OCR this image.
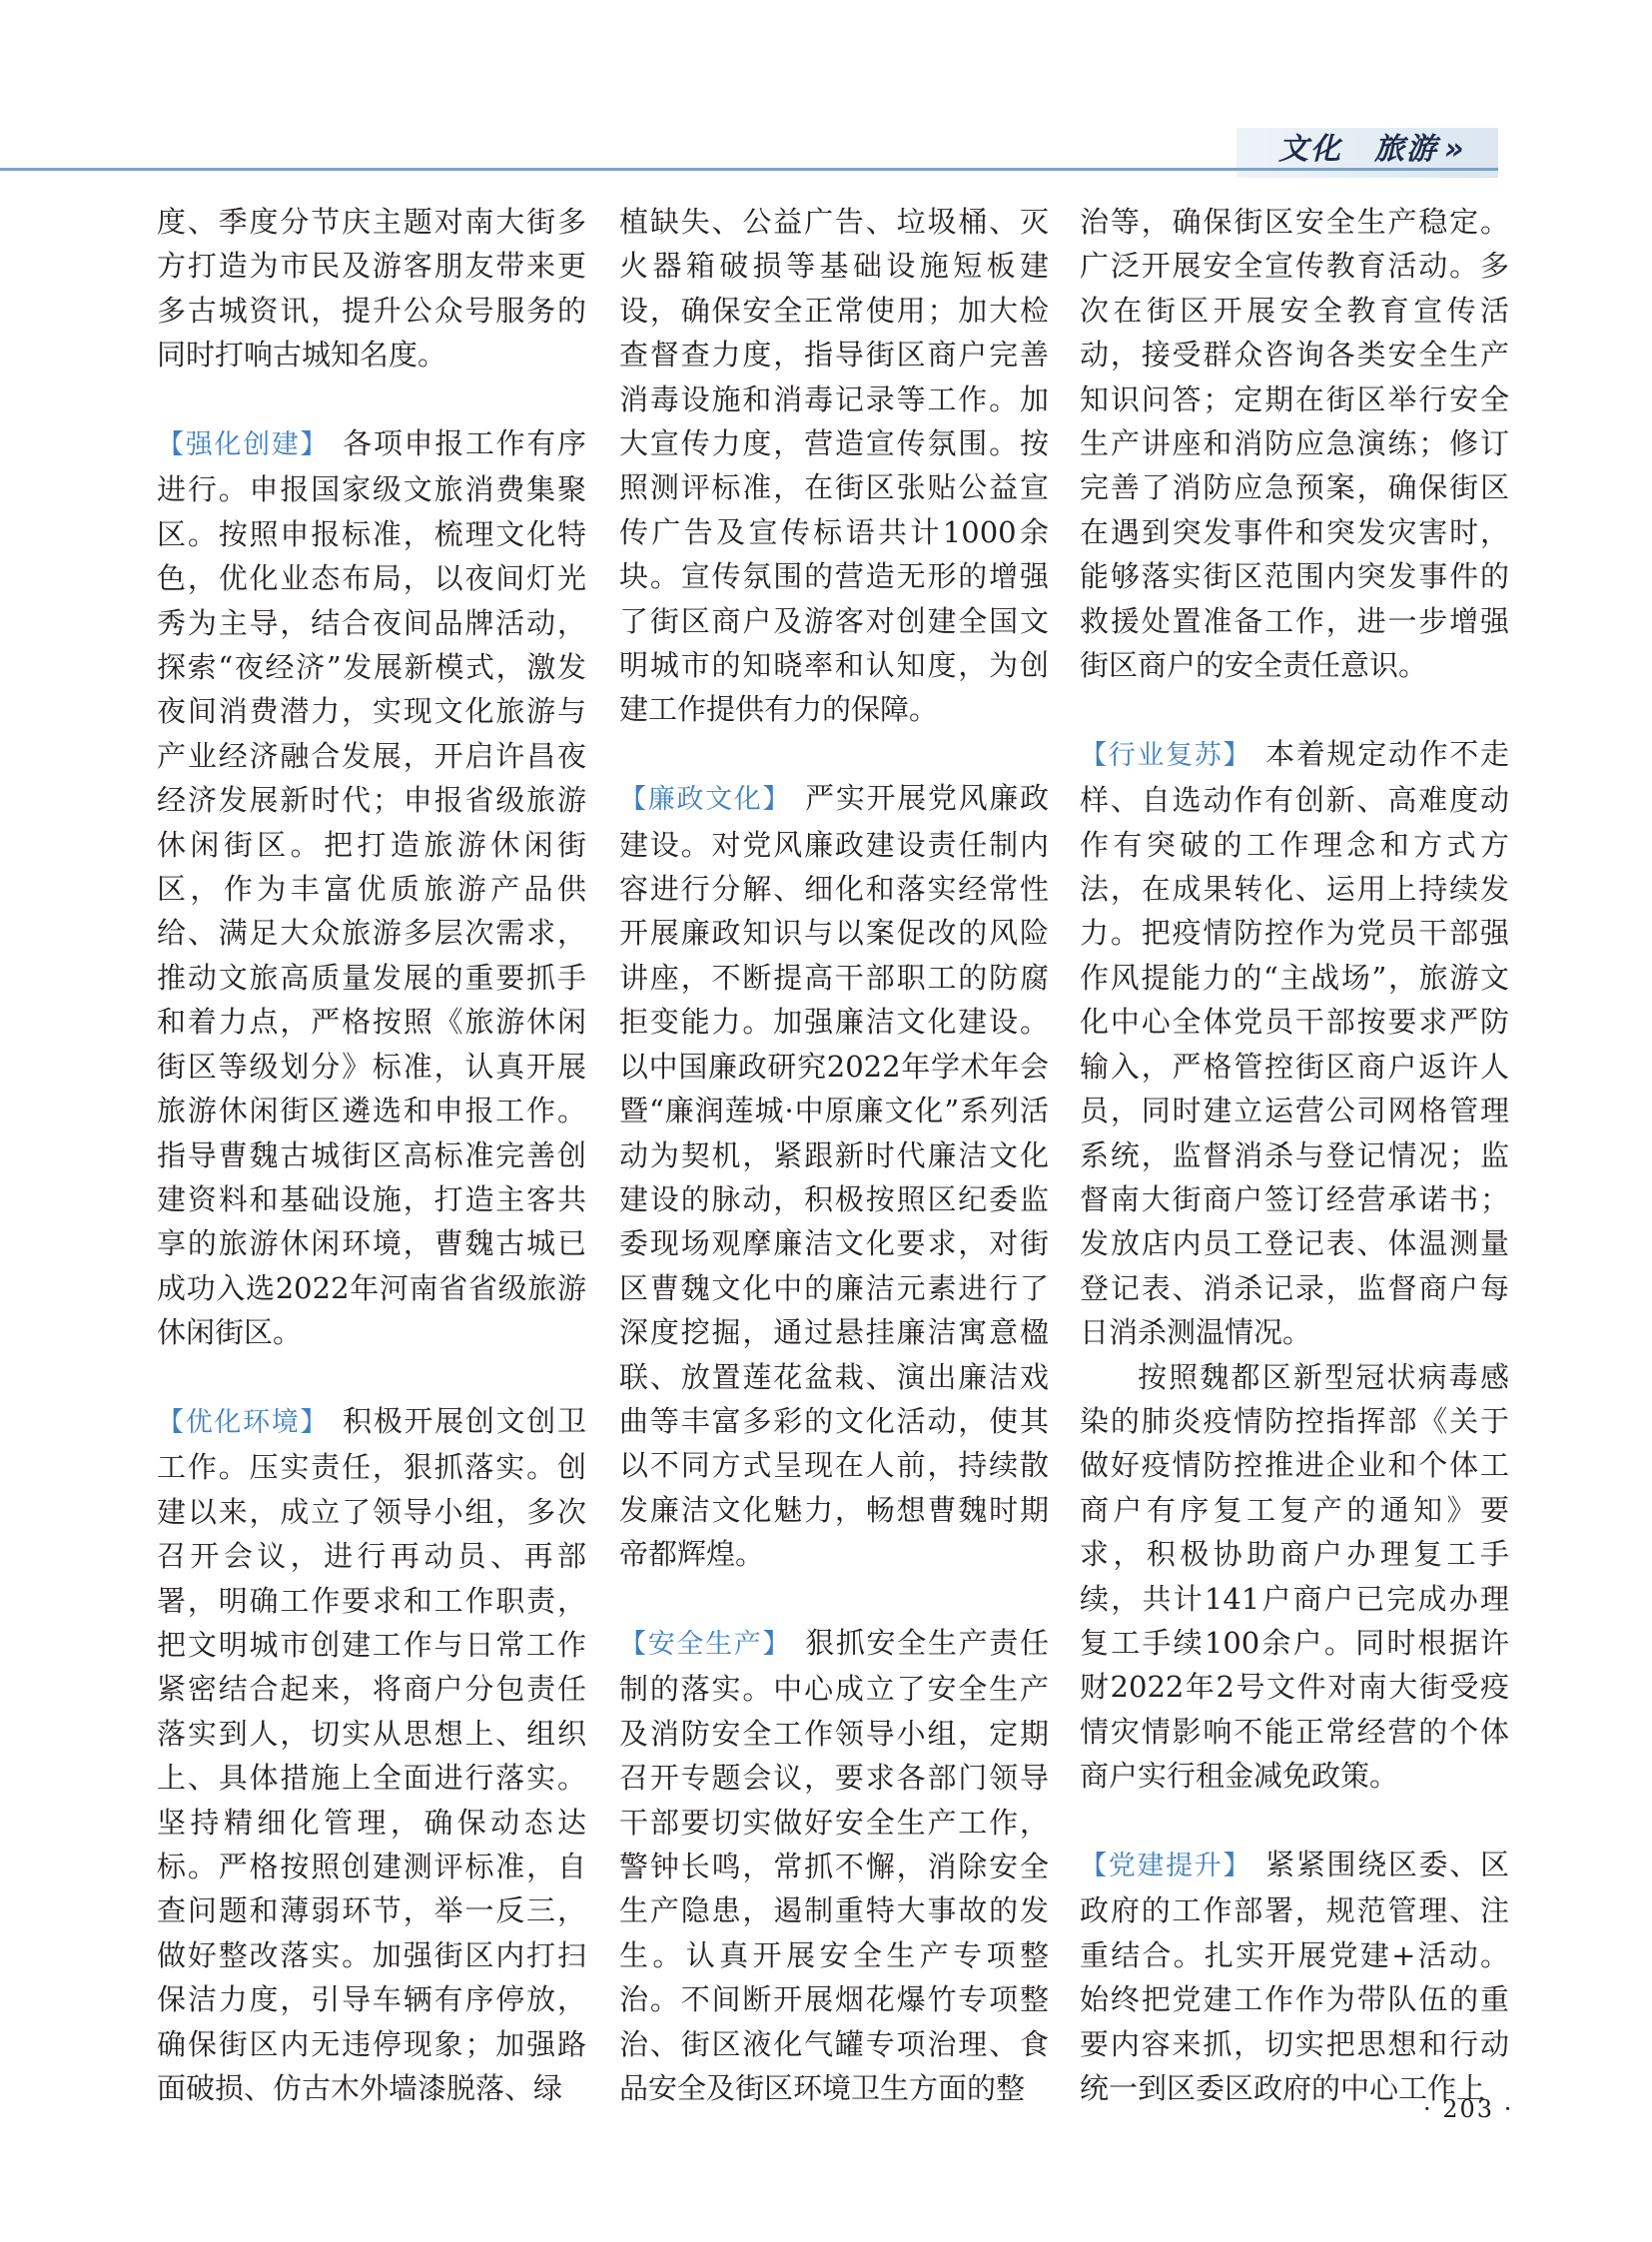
文化　旅游 »

度、季度分节庆主题对南大街多方打造为市民及游客朋友带来更多古城资讯，提升公众号服务的同时打响古城知名度。

【强化创建】 各项申报工作有序进行。申报国家级文旅消费集聚区。按照申报标准，梳理文化特色，优化业态布局，以夜间灯光秀为主导，结合夜间品牌活动，探索“夜经济”发展新模式，激发夜间消费潜力，实现文化旅游与产业经济融合发展，开启许昌夜经济发展新时代；申报省级旅游休闲街区。把打造旅游休闲街区，作为丰富优质旅游产品供给、满足大众旅游多层次需求，推动文旅高质量发展的重要抓手和着力点，严格按照《旅游休闲街区等级划分》标准，认真开展旅游休闲街区遴选和申报工作。指导曹魏古城街区高标准完善创建资料和基础设施，打造主客共享的旅游休闲环境，曹魏古城已成功入选2022年河南省省级旅游休闲街区。

【优化环境】 积极开展创文创卫工作。压实责任，狠抓落实。创建以来，成立了领导小组，多次召开会议，进行再动员、再部署，明确工作要求和工作职责，把文明城市创建工作与日常工作紧密结合起来，将商户分包责任落实到人，切实从思想上、组织上、具体措施上全面进行落实。坚持精细化管理，确保动态达标。严格按照创建测评标准，自查问题和薄弱环节，举一反三，做好整改落实。加强街区内打扫保洁力度，引导车辆有序停放，确保街区内无违停现象；加强路面破损、仿古木外墙漆脱落、绿

植缺失、公益广告、垃圾桶、灭火器箱破损等基础设施短板建设，确保安全正常使用；加大检查督查力度，指导街区商户完善消毒设施和消毒记录等工作。加大宣传力度，营造宣传氛围。按照测评标准，在街区张贴公益宣传广告及宣传标语共计1000余块。宣传氛围的营造无形的增强了街区商户及游客对创建全国文明城市的知晓率和认知度，为创建工作提供有力的保障。

【廉政文化】 严实开展党风廉政建设。对党风廉政建设责任制内容进行分解、细化和落实经常性开展廉政知识与以案促改的风险讲座，不断提高干部职工的防腐拒变能力。加强廉洁文化建设。以中国廉政研究2022年学术年会暨“廉润莲城·中原廉文化”系列活动为契机，紧跟新时代廉洁文化建设的脉动，积极按照区纪委监委现场观摩廉洁文化要求，对街区曹魏文化中的廉洁元素进行了深度挖掘，通过悬挂廉洁寓意楹联、放置莲花盆栽、演出廉洁戏曲等丰富多彩的文化活动，使其以不同方式呈现在人前，持续散发廉洁文化魅力，畅想曹魏时期帝都辉煌。

【安全生产】 狠抓安全生产责任制的落实。中心成立了安全生产及消防安全工作领导小组，定期召开专题会议，要求各部门领导干部要切实做好安全生产工作，警钟长鸣，常抓不懈，消除安全生产隐患，遏制重特大事故的发生。认真开展安全生产专项整治。不间断开展烟花爆竹专项整治、街区液化气罐专项治理、食品安全及街区环境卫生方面的整

治等，确保街区安全生产稳定。广泛开展安全宣传教育活动。多次在街区开展安全教育宣传活动，接受群众咨询各类安全生产知识问答；定期在街区举行安全生产讲座和消防应急演练；修订完善了消防应急预案，确保街区在遇到突发事件和突发灾害时，能够落实街区范围内突发事件的救援处置准备工作，进一步增强街区商户的安全责任意识。

【行业复苏】 本着规定动作不走样、自选动作有创新、高难度动作有突破的工作理念和方式方法，在成果转化、运用上持续发力。把疫情防控作为党员干部强作风提能力的“主战场”，旅游文化中心全体党员干部按要求严防输入，严格管控街区商户返许人员，同时建立运营公司网格管理系统，监督消杀与登记情况；监督南大街商户签订经营承诺书；发放店内员工登记表、体温测量登记表、消杀记录，监督商户每日消杀测温情况。

按照魏都区新型冠状病毒感染的肺炎疫情防控指挥部《关于做好疫情防控推进企业和个体工商户有序复工复产的通知》要求，积极协助商户办理复工手续，共计141户商户已完成办理复工手续100余户。同时根据许财2022年2号文件对南大街受疫情灾情影响不能正常经营的个体商户实行租金减免政策。

【党建提升】 紧紧围绕区委、区政府的工作部署，规范管理、注重结合。扎实开展党建+活动。始终把党建工作作为带队伍的重要内容来抓，切实把思想和行动统一到区委区政府的中心工作上

· 203 ·
